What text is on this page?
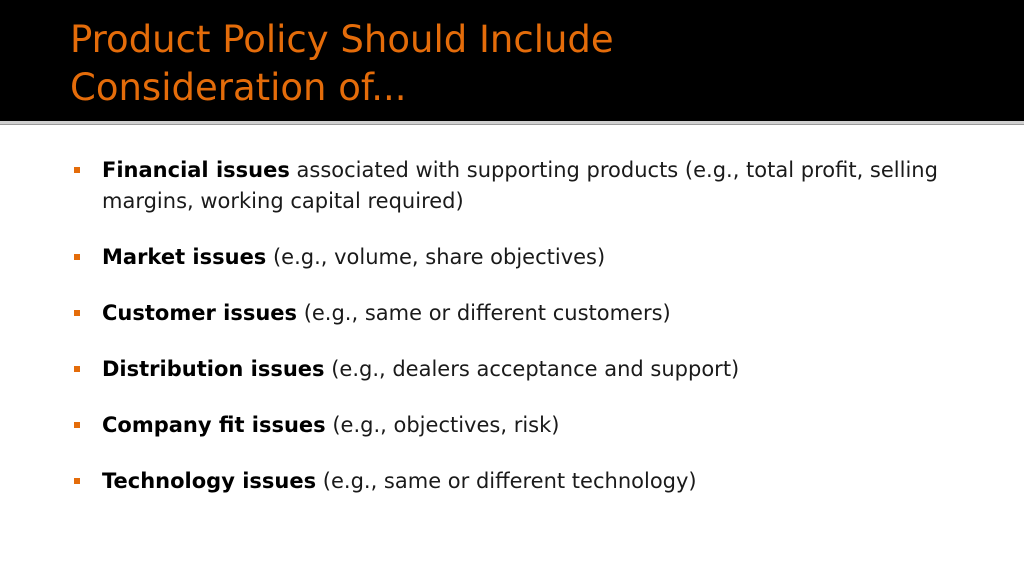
Product Policy Should Include
Consideration of...
Financial issues associated with supporting products (e.g., total profit, selling margins, working capital required)
Market issues (e.g., volume, share objectives)
Customer issues (e.g., same or different customers)
Distribution issues (e.g., dealers acceptance and support)
Company fit issues (e.g., objectives, risk)
Technology issues (e.g., same or different technology)
